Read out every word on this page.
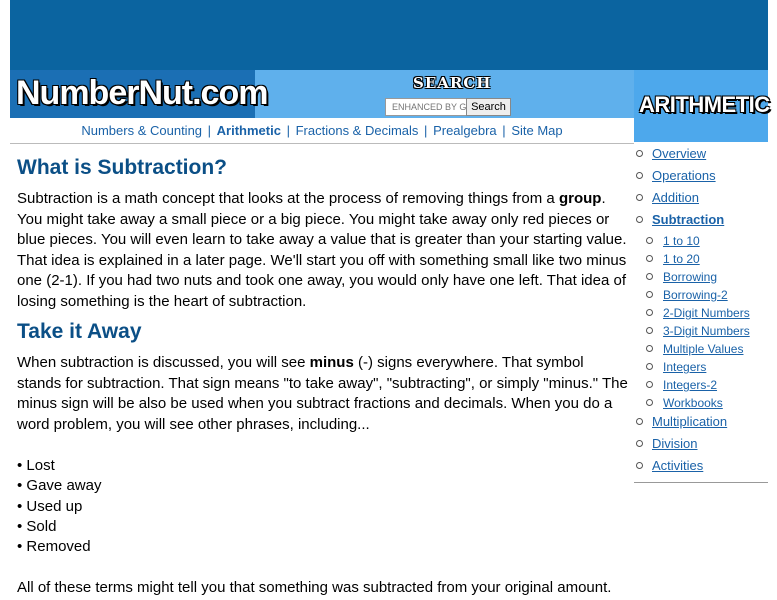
NumberNut.com	SEARCH
ENHANCED BY G
Search
Numbers & Counting | Arithmetic | Fractions & Decimals | Prealgebra | Site Map
ARITHMETIC
Overview
Operations
Addition
Subtraction
1 to 10
1 to 20
Borrowing
Borrowing-2
2-Digit Numbers
3-Digit Numbers
Multiple Values
Integers
Integers-2
Workbooks
Multiplication
Division
Activities
What is Subtraction?

Subtraction is a math concept that looks at the process of removing things from a group. You might take away a small piece or a big piece. You might take away only red pieces or blue pieces. You will even learn to take away a value that is greater than your starting value. That idea is explained in a later page. We'll start you off with something small like two minus one (2-1). If you had two nuts and took one away, you would only have one left. That idea of losing something is the heart of subtraction.

Take it Away

When subtraction is discussed, you will see minus (-) signs everywhere. That symbol stands for subtraction. That sign means "to take away", "subtracting", or simply "minus." The minus sign will be also be used when you subtract fractions and decimals. When you do a word problem, you will see other phrases, including...

• Lost
• Gave away
• Used up
• Sold
• Removed

All of these terms might tell you that something was subtracted from your original amount.
